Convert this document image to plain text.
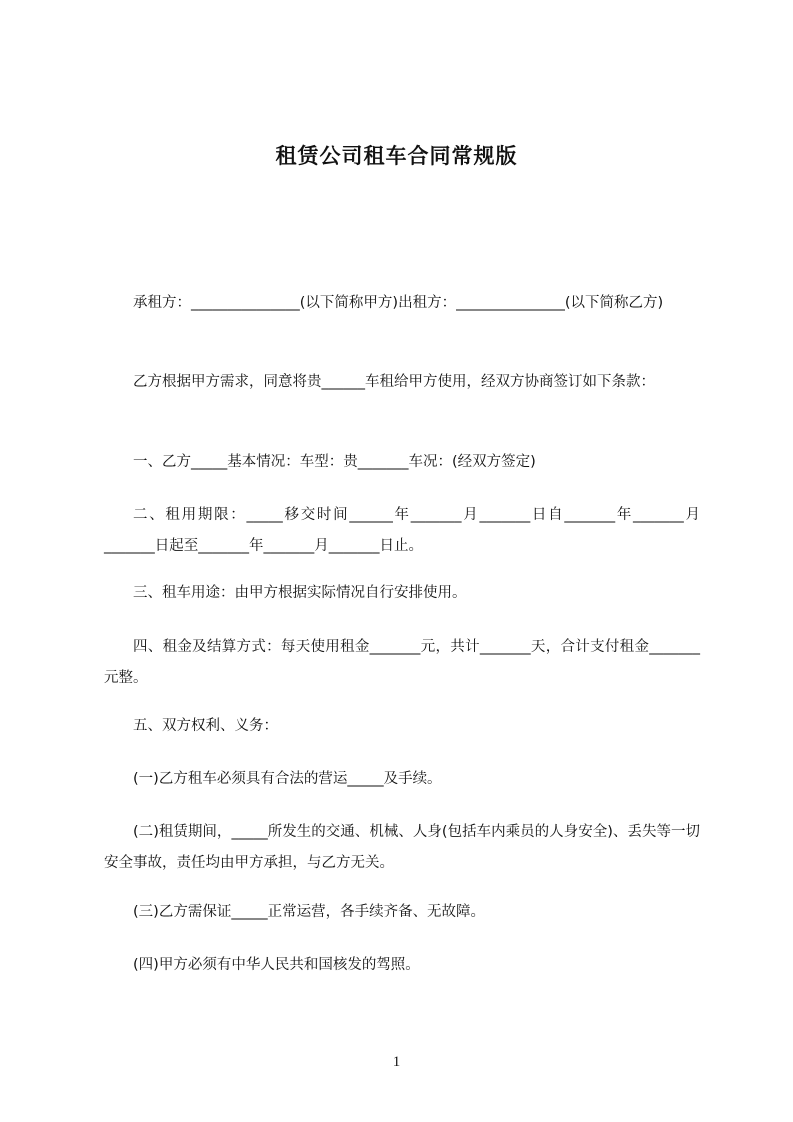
租赁公司租车合同常规版

承租方：_______________(以下简称甲方)出租方：_______________(以下简称乙方)

乙方根据甲方需求，同意将贵______车租给甲方使用，经双方协商签订如下条款：

一、乙方_____基本情况：车型：贵_______车况：(经双方签定)

二、租用期限：_____移交时间______年_______月_______日自_______年_______月_______日起至_______年_______月_______日止。

三、租车用途：由甲方根据实际情况自行安排使用。

四、租金及结算方式：每天使用租金_______元，共计_______天，合计支付租金_______元整。

五、双方权利、义务：

(一)乙方租车必须具有合法的营运_____及手续。

(二)租赁期间，_____所发生的交通、机械、人身(包括车内乘员的人身安全)、丢失等一切安全事故，责任均由甲方承担，与乙方无关。

(三)乙方需保证_____正常运营，各手续齐备、无故障。

(四)甲方必须有中华人民共和国核发的驾照。

1
